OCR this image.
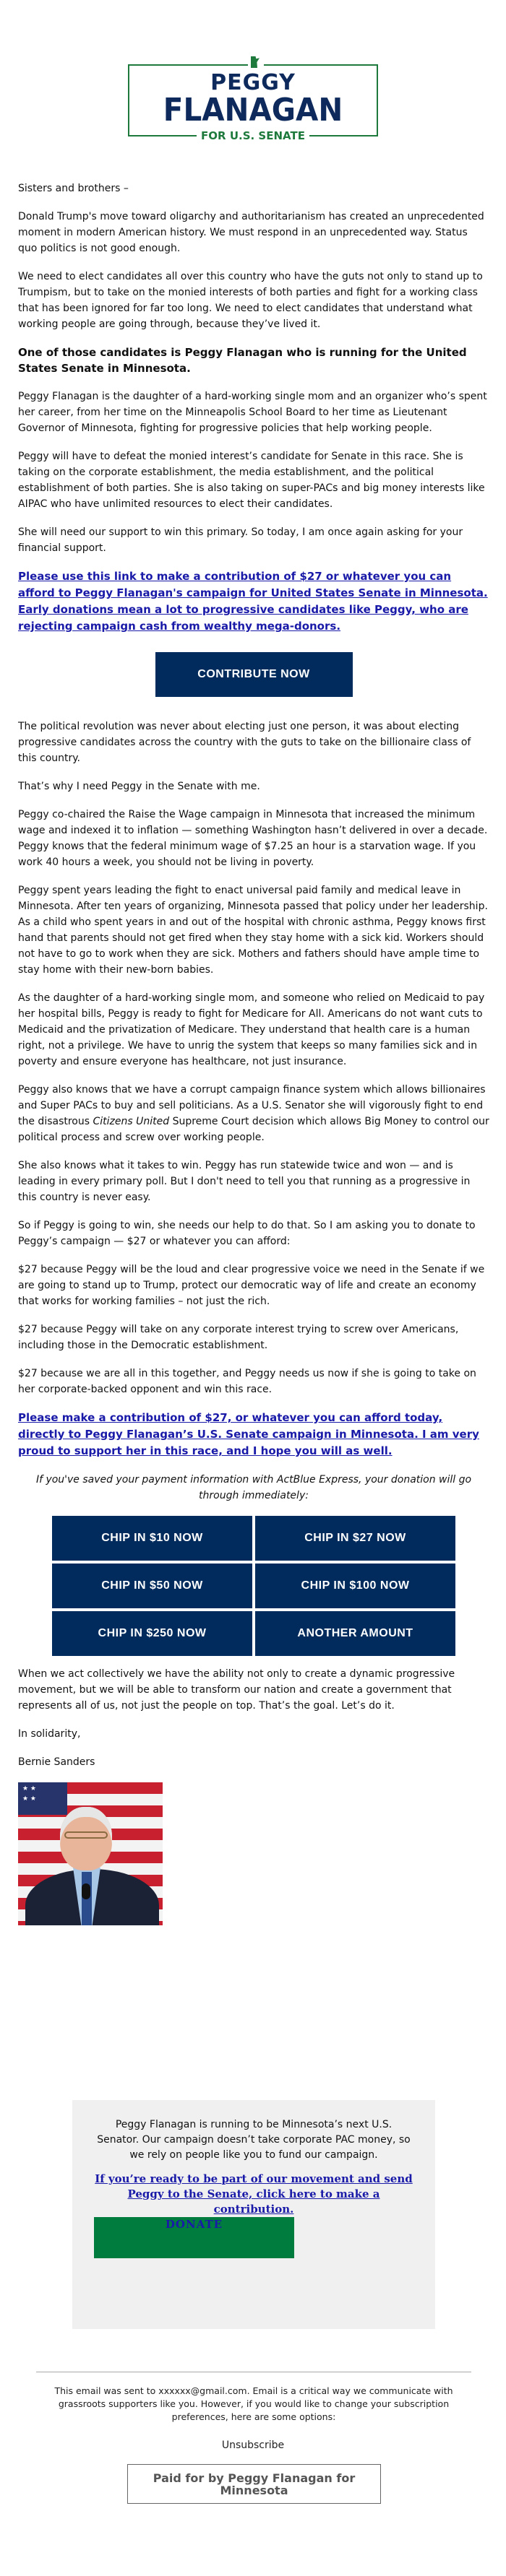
PEGGY
FLANAGAN
FOR U.S. SENATE

Sisters and brothers –

Donald Trump's move toward oligarchy and authoritarianism has created an unprecedented moment in modern American history. We must respond in an unprecedented way. Status quo politics is not good enough.

We need to elect candidates all over this country who have the guts not only to stand up to Trumpism, but to take on the monied interests of both parties and fight for a working class that has been ignored for far too long. We need to elect candidates that understand what working people are going through, because they’ve lived it.

One of those candidates is Peggy Flanagan who is running for the United States Senate in Minnesota.

Peggy Flanagan is the daughter of a hard-working single mom and an organizer who’s spent her career, from her time on the Minneapolis School Board to her time as Lieutenant Governor of Minnesota, fighting for progressive policies that help working people.

Peggy will have to defeat the monied interest’s candidate for Senate in this race. She is taking on the corporate establishment, the media establishment, and the political establishment of both parties. She is also taking on super-PACs and big money interests like AIPAC who have unlimited resources to elect their candidates.

She will need our support to win this primary. So today, I am once again asking for your financial support.

Please use this link to make a contribution of $27 or whatever you can afford to Peggy Flanagan's campaign for United States Senate in Minnesota. Early donations mean a lot to progressive candidates like Peggy, who are rejecting campaign cash from wealthy mega-donors.

CONTRIBUTE NOW

The political revolution was never about electing just one person, it was about electing progressive candidates across the country with the guts to take on the billionaire class of this country.

That’s why I need Peggy in the Senate with me.

Peggy co-chaired the Raise the Wage campaign in Minnesota that increased the minimum wage and indexed it to inflation — something Washington hasn’t delivered in over a decade. Peggy knows that the federal minimum wage of $7.25 an hour is a starvation wage. If you work 40 hours a week, you should not be living in poverty.

Peggy spent years leading the fight to enact universal paid family and medical leave in Minnesota. After ten years of organizing, Minnesota passed that policy under her leadership. As a child who spent years in and out of the hospital with chronic asthma, Peggy knows first hand that parents should not get fired when they stay home with a sick kid. Workers should not have to go to work when they are sick. Mothers and fathers should have ample time to stay home with their new-born babies.

As the daughter of a hard-working single mom, and someone who relied on Medicaid to pay her hospital bills, Peggy is ready to fight for Medicare for All. Americans do not want cuts to Medicaid and the privatization of Medicare. They understand that health care is a human right, not a privilege. We have to unrig the system that keeps so many families sick and in poverty and ensure everyone has healthcare, not just insurance.

Peggy also knows that we have a corrupt campaign finance system which allows billionaires and Super PACs to buy and sell politicians. As a U.S. Senator she will vigorously fight to end the disastrous Citizens United Supreme Court decision which allows Big Money to control our political process and screw over working people.

She also knows what it takes to win. Peggy has run statewide twice and won — and is leading in every primary poll. But I don't need to tell you that running as a progressive in this country is never easy.

So if Peggy is going to win, she needs our help to do that. So I am asking you to donate to Peggy’s campaign — $27 or whatever you can afford:

$27 because Peggy will be the loud and clear progressive voice we need in the Senate if we are going to stand up to Trump, protect our democratic way of life and create an economy that works for working families – not just the rich.

$27 because Peggy will take on any corporate interest trying to screw over Americans, including those in the Democratic establishment.

$27 because we are all in this together, and Peggy needs us now if she is going to take on her corporate-backed opponent and win this race.

Please make a contribution of $27, or whatever you can afford today, directly to Peggy Flanagan’s U.S. Senate campaign in Minnesota. I am very proud to support her in this race, and I hope you will as well.

If you've saved your payment information with ActBlue Express, your donation will go through immediately:

CHIP IN $10 NOW	CHIP IN $27 NOW
CHIP IN $50 NOW	CHIP IN $100 NOW
CHIP IN $250 NOW	ANOTHER AMOUNT

When we act collectively we have the ability not only to create a dynamic progressive movement, but we will be able to transform our nation and create a government that represents all of us, not just the people on top. That’s the goal. Let’s do it.

In solidarity,

Bernie Sanders

★ ★
★ ★
Peggy Flanagan is running to be Minnesota’s next U.S. Senator. Our campaign doesn’t take corporate PAC money, so we rely on people like you to fund our campaign.
If you’re ready to be part of our movement and send Peggy to the Senate, click here to make a contribution.
DONATE
This email was sent to xxxxxx@gmail.com. Email is a critical way we communicate with grassroots supporters like you. However, if you would like to change your subscription preferences, here are some options:
Unsubscribe
Paid for by Peggy Flanagan for Minnesota
